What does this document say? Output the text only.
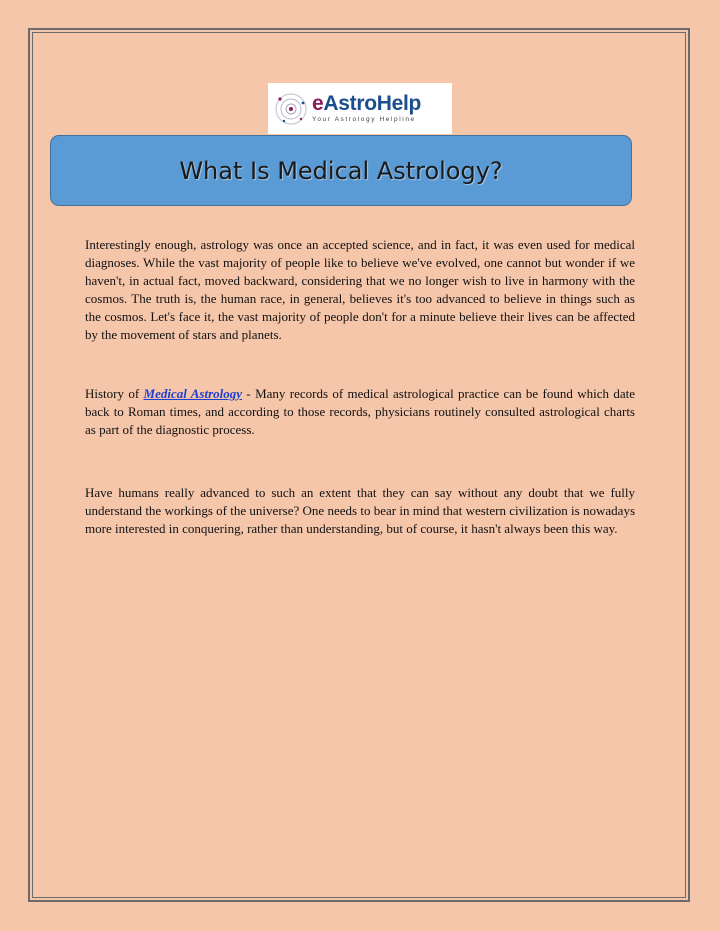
eAstroHelp
Your Astrology Helpline
What Is Medical Astrology?

Interestingly enough, astrology was once an accepted science, and in fact, it was even used for medical diagnoses. While the vast majority of people like to believe we've evolved, one cannot but wonder if we haven't, in actual fact, moved backward, considering that we no longer wish to live in harmony with the cosmos. The truth is, the human race, in general, believes it's too advanced to believe in things such as the cosmos. Let's face it, the vast majority of people don't for a minute believe their lives can be affected by the movement of stars and planets.

History of Medical Astrology - Many records of medical astrological practice can be found which date back to Roman times, and according to those records, physicians routinely consulted astrological charts as part of the diagnostic process.

Have humans really advanced to such an extent that they can say without any doubt that we fully understand the workings of the universe? One needs to bear in mind that western civilization is nowadays more interested in conquering, rather than understanding, but of course, it hasn't always been this way.
